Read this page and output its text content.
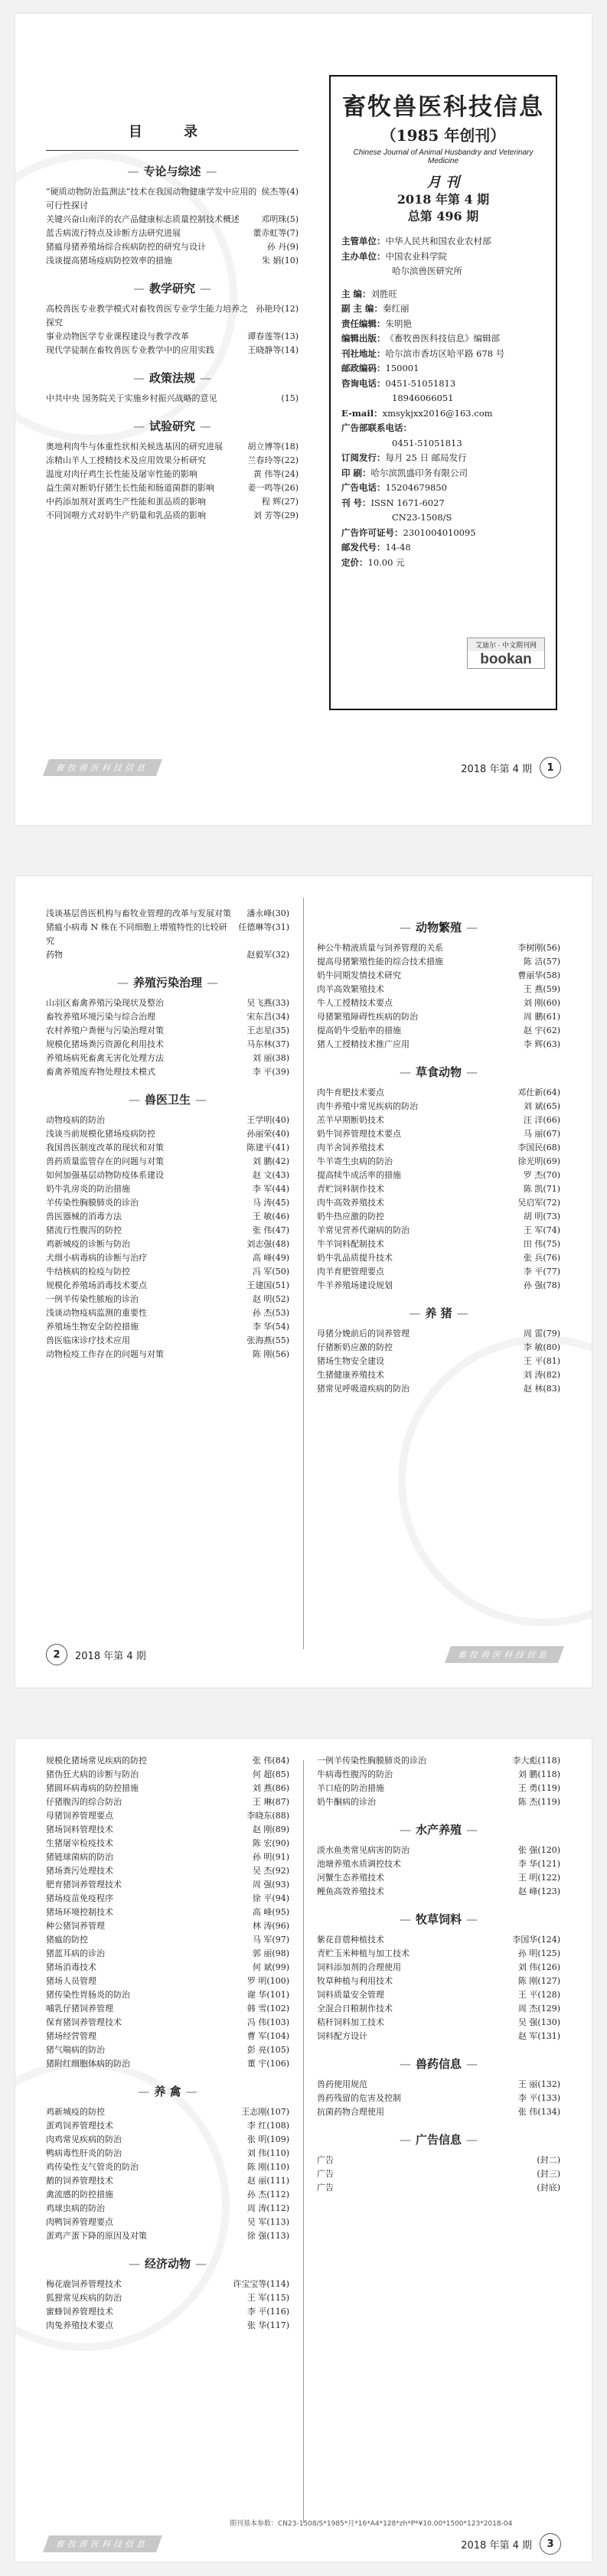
目 录
— 专论与综述 —
“硬质动物防治监测法”技术在我国动物健康学发中应用的可行性探讨
侯杰等(4)
关键兴奋山南洋的农产品健康标志质量控制技术概述	邓明珠(5)
蓝舌病流行特点及诊断方法研究进展	董赤虹等(7)
猪瘟母猪养殖场综合疾病防控的研究与设计	孙 丹(9)
浅谈提高猪场疫病防控效率的措施	朱 娟(10)
— 教学研究 —
高校兽医专业教学模式对畜牧兽医专业学生能力培养之探究
孙艳玲(12)
事业动物医学专业课程建设与教学改革	谭春莲等(13)
现代学徒制在畜牧兽医专业教学中的应用实践	王晓静等(14)
— 政策法规 —
中共中央 国务院关于实施乡村振兴战略的意见	(15)
— 试验研究 —
奥地利肉牛与体重性状相关候选基因的研究进展	胡立博等(18)
冻精山羊人工授精技术及应用效果分析研究	兰春玲等(22)
温度对肉仔鸡生长性能及屠宰性能的影响	黄 伟等(24)
益生菌对断奶仔猪生长性能和肠道菌群的影响	姜一鸣等(26)
中药添加剂对蛋鸡生产性能和蛋品质的影响	程 辉(27)
不同饲喂方式对奶牛产奶量和乳品质的影响	刘 芳等(29)
畜牧兽医科技信息
（1985 年创刊）
Chinese Journal of Animal Husbandry and Veterinary Medicine
月 刊
2018 年第 4 期
总第 496 期
主管单位： 中华人民共和国农业农村部
主办单位： 中国农业科学院
哈尔滨兽医研究所
主 编： 刘胜旺
副 主 编： 秦红丽
责任编辑： 朱明艳
编辑出版： 《畜牧兽医科技信息》编辑部
刊社地址： 哈尔滨市香坊区哈平路 678 号
邮政编码： 150001
咨询电话： 0451-51051813
18946066051
E-mail： xmsykjxx2016@163.com
广告部联系电话：
0451-51051813
订阅发行： 每月 25 日 邮局发行
印 刷： 哈尔滨凯盛印务有限公司
广告电话： 15204679850
刊 号： ISSN 1671-6027
CN23-1508/S
广告许可证号： 2301004010095
邮发代号： 14-48
定价： 10.00 元
艾迪尔 · 中文期刊网
bookan
畜牧兽医科技信息	2018 年第 4 期	1
浅谈基层兽医机构与畜牧业管理的改革与发展对策	潘永峰(30)
猪瘟小病毒 N 株在不同细胞上增殖特性的比较研究
任德琳等(31)
药物	赵毅军(32)
— 养殖污染治理 —
山羽区畜禽养殖污染现状及整治	吴飞燕(33)
畜牧养殖环境污染与综合治理	宋东昌(34)
农村养殖户粪便与污染治理对策	王志星(35)
规模化猪场粪污资源化利用技术	马东林(37)
养殖场病死畜禽无害化处理方法	刘 丽(38)
畜禽养殖废弃物处理技术模式	李 平(39)
— 兽医卫生 —
动物疫病的防治	王学明(40)
浅谈当前规模化猪场疫病防控	孙丽荣(40)
我国兽医制度改革的现状和对策	陈建平(41)
兽药质量监管存在的问题与对策	刘 鹏(42)
如何加强基层动物防疫体系建设	赵 文(43)
奶牛乳房炎的防治措施	李 军(44)
羊传染性胸膜肺炎的诊治	马 涛(45)
兽医器械的消毒方法	王 敏(46)
猪流行性腹泻的防控	张 伟(47)
鸡新城疫的诊断与防治	刘志强(48)
犬细小病毒病的诊断与治疗	高 峰(49)
牛结核病的检疫与防控	冯 军(50)
规模化养殖场消毒技术要点	王建国(51)
一例羊传染性脓疱的诊治	赵 明(52)
浅谈动物疫病监测的重要性	孙 杰(53)
养殖场生物安全防控措施	李 华(54)
兽医临床诊疗技术应用	张海燕(55)
动物检疫工作存在的问题与对策	陈 刚(56)
— 动物繁殖 —
种公牛精液质量与饲养管理的关系	李树刚(56)
提高母猪繁殖性能的综合技术措施	陈 洁(57)
奶牛同期发情技术研究	曹丽华(58)
肉羊高效繁殖技术	王 燕(59)
牛人工授精技术要点	刘 刚(60)
母猪繁殖障碍性疾病的防治	周 鹏(61)
提高奶牛受胎率的措施	赵 宇(62)
猪人工授精技术推广应用	李 辉(63)
— 草食动物 —
肉牛育肥技术要点	邓仕新(64)
肉牛养殖中常见疾病的防治	刘 斌(65)
羔羊早期断奶技术	汪 洋(66)
奶牛饲养管理技术要点	马 丽(67)
肉羊舍饲养殖技术	李国民(68)
牛羊寄生虫病的防治	徐光明(69)
提高犊牛成活率的措施	罗 杰(70)
青贮饲料制作技术	陈 凯(71)
肉牛高效养殖技术	吴启军(72)
奶牛热应激的防控	胡 明(73)
羊常见营养代谢病的防治	王 军(74)
牛羊饲料配制技术	田 伟(75)
奶牛乳品质提升技术	张 兵(76)
肉羊育肥管理要点	李 平(77)
牛羊养殖场建设规划	孙 强(78)
— 养 猪 —
母猪分娩前后的饲养管理	周 雷(79)
仔猪断奶应激的防控	李 敏(80)
猪场生物安全建设	王 平(81)
生猪健康养殖技术	刘 涛(82)
猪常见呼吸道疾病的防治	赵 林(83)
2	2018 年第 4 期	畜牧兽医科技信息
规模化猪场常见疾病的防控	张 伟(84)
猪伪狂犬病的诊断与防治	何 超(85)
猪圆环病毒病的防控措施	刘 燕(86)
仔猪腹泻的综合防治	王 琳(87)
母猪饲养管理要点	李晓东(88)
猪场饲料管理技术	赵 刚(89)
生猪屠宰检疫技术	陈 宏(90)
猪链球菌病的防治	孙 明(91)
猪场粪污处理技术	吴 杰(92)
肥育猪饲养管理技术	周 强(93)
猪场疫苗免疫程序	徐 平(94)
猪场环境控制技术	高 峰(95)
种公猪饲养管理	林 涛(96)
猪瘟的防控	马 军(97)
猪蓝耳病的诊治	郭 丽(98)
猪场消毒技术	何 斌(99)
猪场人员管理	罗 明(100)
猪传染性胃肠炎的防治	谢 华(101)
哺乳仔猪饲养管理	韩 雪(102)
保育猪饲养管理技术	冯 伟(103)
猪场经营管理	曹 军(104)
猪气喘病的防治	彭 亮(105)
猪附红细胞体病的防治	董 宇(106)
— 养 禽 —
鸡新城疫的防控	王志刚(107)
蛋鸡饲养管理技术	李 红(108)
肉鸡常见疾病的防治	张 明(109)
鸭病毒性肝炎的防治	刘 伟(110)
鸡传染性支气管炎的防治	陈 刚(110)
鹅的饲养管理技术	赵 丽(111)
禽流感的防控措施	孙 杰(112)
鸡球虫病的防治	周 涛(112)
肉鸭饲养管理要点	吴 军(113)
蛋鸡产蛋下降的原因及对策	徐 强(113)
— 经济动物 —
梅花鹿饲养管理技术	许宝宝等(114)
狐狸常见疾病的防治	王 军(115)
蜜蜂饲养管理技术	李 平(116)
肉兔养殖技术要点	张 华(117)
一例羊传染性胸膜肺炎的诊治	李大彪(118)
牛病毒性腹泻的防治	刘 鹏(118)
羊口疮的防治措施	王 勇(119)
奶牛酮病的诊治	陈 杰(119)
— 水产养殖 —
淡水鱼类常见病害的防治	张 强(120)
池塘养殖水质调控技术	李 华(121)
河蟹生态养殖技术	王 明(122)
鲤鱼高效养殖技术	赵 峰(123)
— 牧草饲料 —
紫花苜蓿种植技术	李国华(124)
青贮玉米种植与加工技术	孙 明(125)
饲料添加剂的合理使用	刘 伟(126)
牧草种植与利用技术	陈 刚(127)
饲料质量安全管理	王 平(128)
全混合日粮制作技术	周 杰(129)
秸秆饲料加工技术	吴 强(130)
饲料配方设计	赵 军(131)
— 兽药信息 —
兽药使用规范	王 丽(132)
兽药残留的危害及控制	李 平(133)
抗菌药物合理使用	张 伟(134)
— 广告信息 —
广告	(封二)
广告	(封三)
广告	(封底)
期刊基本参数：CN23-1508/S*1985*月*16*A4*128*zh*P*¥10.00*1500*123*2018-04
畜牧兽医科技信息	2018 年第 4 期	3
